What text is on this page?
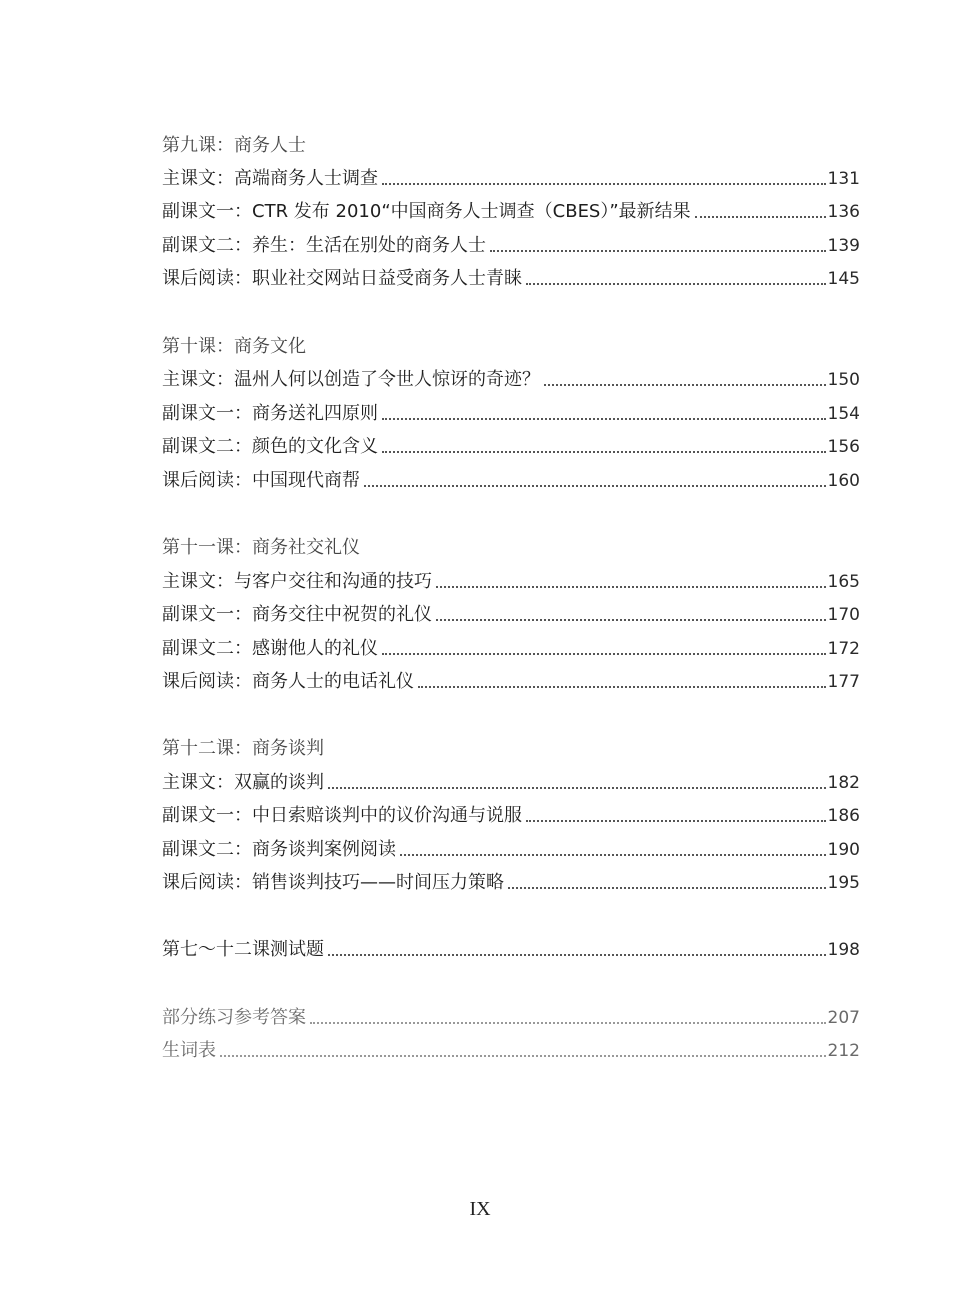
第九课：商务人士
主课文：高端商务人士调查	131
副课文一：CTR 发布 2010“中国商务人士调查（CBES）”最新结果	136
副课文二：养生：生活在别处的商务人士	139
课后阅读：职业社交网站日益受商务人士青睐	145
第十课：商务文化
主课文：温州人何以创造了令世人惊讶的奇迹？	150
副课文一：商务送礼四原则	154
副课文二：颜色的文化含义	156
课后阅读：中国现代商帮	160
第十一课：商务社交礼仪
主课文：与客户交往和沟通的技巧	165
副课文一：商务交往中祝贺的礼仪	170
副课文二：感谢他人的礼仪	172
课后阅读：商务人士的电话礼仪	177
第十二课：商务谈判
主课文：双赢的谈判	182
副课文一：中日索赔谈判中的议价沟通与说服	186
副课文二：商务谈判案例阅读	190
课后阅读：销售谈判技巧——时间压力策略	195
第七～十二课测试题	198
部分练习参考答案	207
生词表	212
IX
